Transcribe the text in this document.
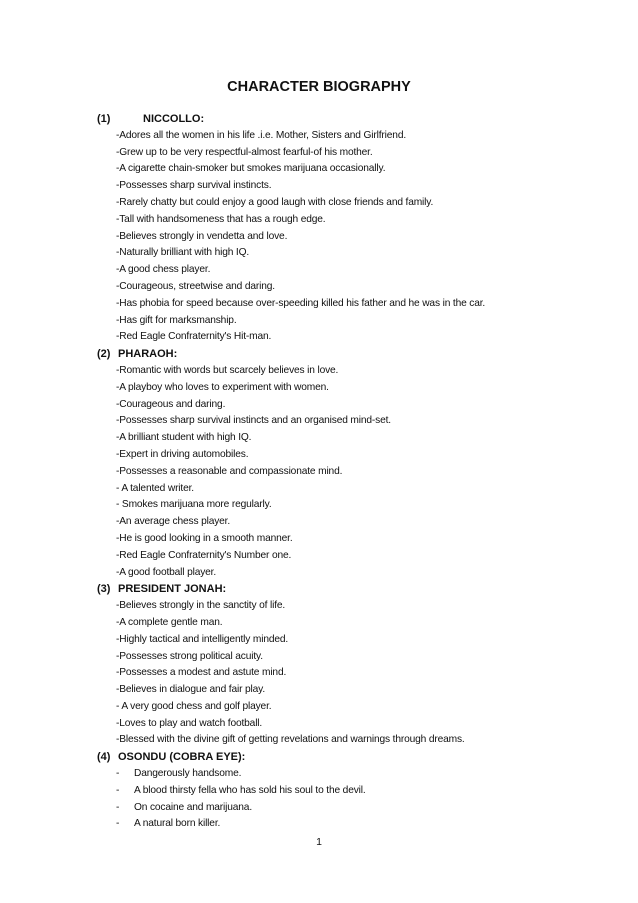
CHARACTER BIOGRAPHY
(1)	NICCOLLO:
-Adores all the women in his life .i.e. Mother, Sisters and Girlfriend.
-Grew up to be very respectful-almost fearful-of his mother.
-A cigarette chain-smoker but smokes marijuana occasionally.
-Possesses sharp survival instincts.
-Rarely chatty but could enjoy a good laugh with close friends and family.
-Tall with handsomeness that has a rough edge.
-Believes strongly in vendetta and love.
-Naturally brilliant with high IQ.
-A good chess player.
-Courageous, streetwise and daring.
-Has phobia for speed because over-speeding killed his father and he was in the car.
-Has gift for marksmanship.
-Red Eagle Confraternity's Hit-man.
(2) PHARAOH:
-Romantic with words but scarcely believes in love.
-A playboy who loves to experiment with women.
-Courageous and daring.
-Possesses sharp survival instincts and an organised mind-set.
-A brilliant student with high IQ.
-Expert in driving automobiles.
-Possesses a reasonable and compassionate mind.
- A talented writer.
- Smokes marijuana more regularly.
-An average chess player.
-He is good looking in a smooth manner.
-Red Eagle Confraternity's Number one.
-A good football player.
(3) PRESIDENT JONAH:
-Believes strongly in the sanctity of life.
-A complete gentle man.
-Highly tactical and intelligently minded.
-Possesses strong political acuity.
-Possesses a modest and astute mind.
-Believes in dialogue and fair play.
- A very good chess and golf player.
-Loves to play and watch football.
-Blessed with the divine gift of getting revelations and warnings through dreams.
(4) OSONDU (COBRA EYE):
-	Dangerously handsome.
-	A blood thirsty fella who has sold his soul to the devil.
-	On cocaine and marijuana.
-	A natural born killer.
1
